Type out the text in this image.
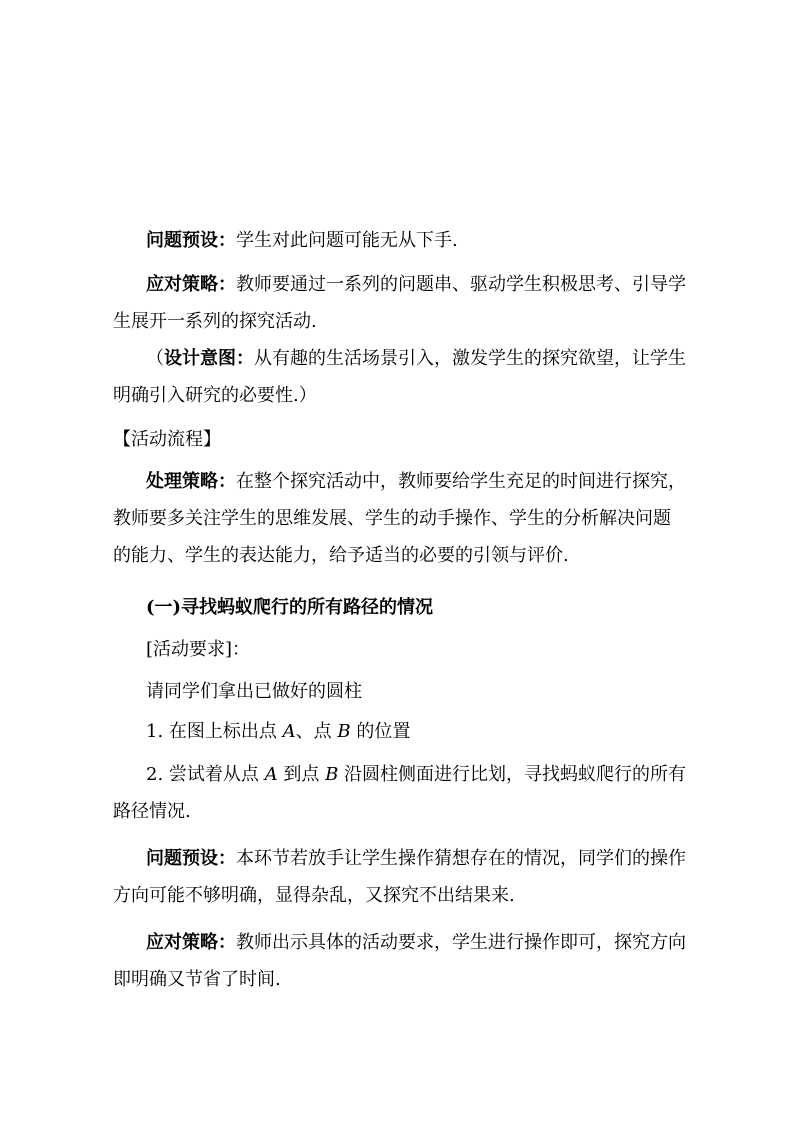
问题预设：学生对此问题可能无从下手.

应对策略：教师要通过一系列的问题串、驱动学生积极思考、引导学生展开一系列的探究活动.

（设计意图：从有趣的生活场景引入，激发学生的探究欲望，让学生明确引入研究的必要性.）

【活动流程】

处理策略：在整个探究活动中，教师要给学生充足的时间进行探究，教师要多关注学生的思维发展、学生的动手操作、学生的分析解决问题的能力、学生的表达能力，给予适当的必要的引领与评价.

(一)寻找蚂蚁爬行的所有路径的情况

[活动要求]：

请同学们拿出已做好的圆柱

1. 在图上标出点 A、点 B 的位置

2. 尝试着从点 A 到点 B 沿圆柱侧面进行比划，寻找蚂蚁爬行的所有路径情况.

问题预设：本环节若放手让学生操作猜想存在的情况，同学们的操作方向可能不够明确，显得杂乱，又探究不出结果来.

应对策略：教师出示具体的活动要求，学生进行操作即可，探究方向即明确又节省了时间.
